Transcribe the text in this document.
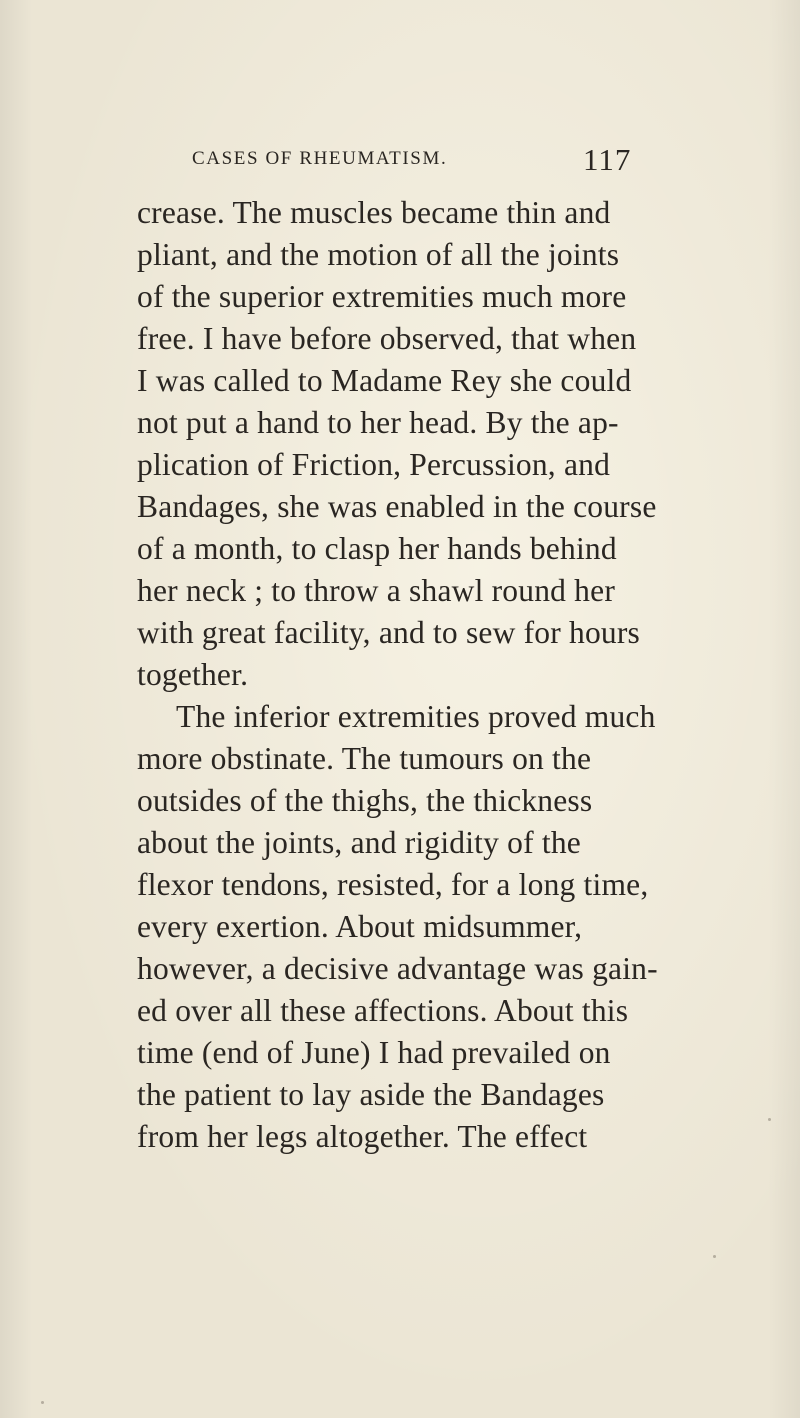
CASES OF RHEUMATISM.	117
crease. The muscles became thin and
pliant, and the motion of all the joints
of the superior extremities much more
free. I have before observed, that when
I was called to Madame Rey she could
not put a hand to her head. By the ap-
plication of Friction, Percussion, and
Bandages, she was enabled in the course
of a month, to clasp her hands behind
her neck ; to throw a shawl round her
with great facility, and to sew for hours
together.
The inferior extremities proved much
more obstinate. The tumours on the
outsides of the thighs, the thickness
about the joints, and rigidity of the
flexor tendons, resisted, for a long time,
every exertion. About midsummer,
however, a decisive advantage was gain-
ed over all these affections. About this
time (end of June) I had prevailed on
the patient to lay aside the Bandages
from her legs altogether. The effect
